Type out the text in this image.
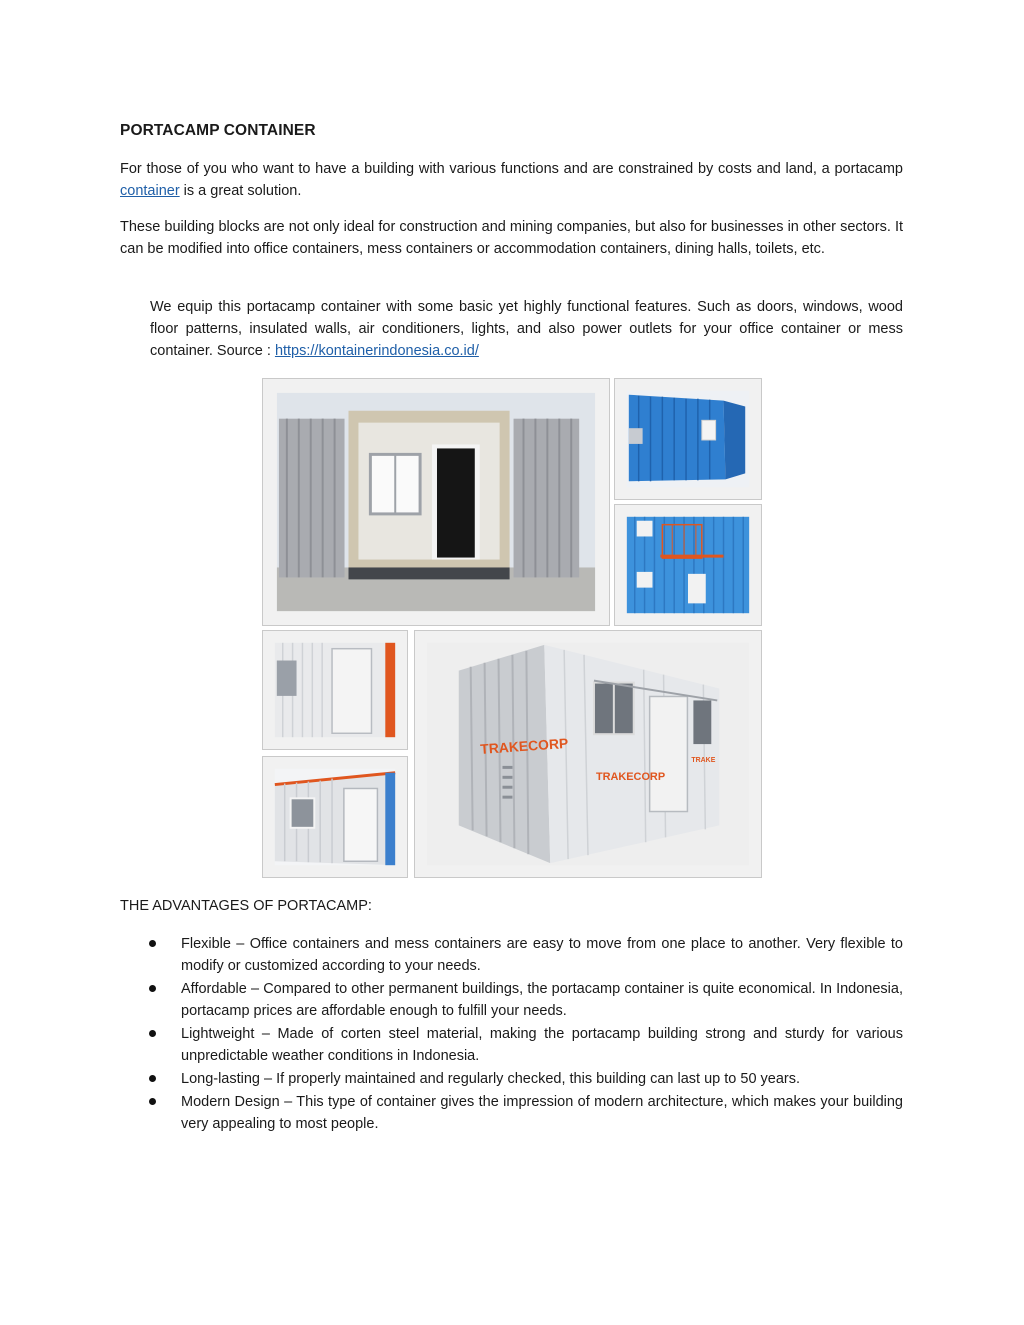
PORTACAMP CONTAINER
For those of you who want to have a building with various functions and are constrained by costs and land, a portacamp container is a great solution.
These building blocks are not only ideal for construction and mining companies, but also for businesses in other sectors. It can be modified into office containers, mess containers or accommodation containers, dining halls, toilets, etc.
We equip this portacamp container with some basic yet highly functional features. Such as doors, windows, wood floor patterns, insulated walls, air conditioners, lights, and also power outlets for your office container or mess container. Source : https://kontainerindonesia.co.id/
THE ADVANTAGES OF PORTACAMP:
Flexible – Office containers and mess containers are easy to move from one place to another. Very flexible to modify or customized according to your needs.
Affordable – Compared to other permanent buildings, the portacamp container is quite economical. In Indonesia, portacamp prices are affordable enough to fulfill your needs.
Lightweight – Made of corten steel material, making the portacamp building strong and sturdy for various unpredictable weather conditions in Indonesia.
Long-lasting – If properly maintained and regularly checked, this building can last up to 50 years.
Modern Design – This type of container gives the impression of modern architecture, which makes your building very appealing to most people.
TRAKECORP
TRAKECORP
TRAKE
